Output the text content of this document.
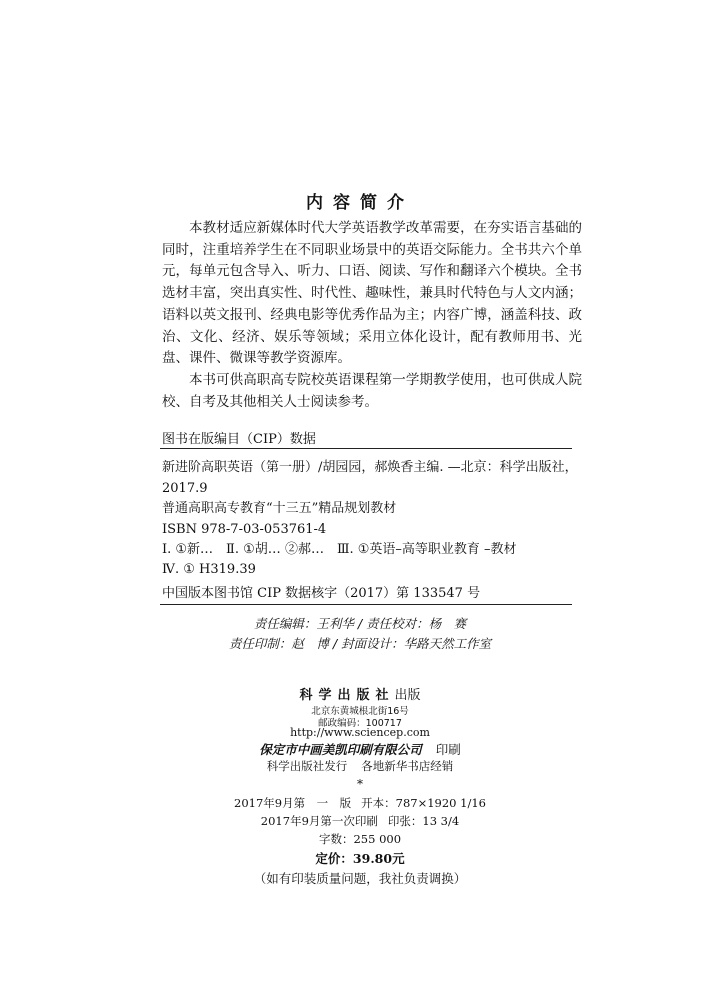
内容简介

本教材适应新媒体时代大学英语教学改革需要，在夯实语言基础的同时，注重培养学生在不同职业场景中的英语交际能力。全书共六个单元，每单元包含导入、听力、口语、阅读、写作和翻译六个模块。全书选材丰富，突出真实性、时代性、趣味性，兼具时代特色与人文内涵；语料以英文报刊、经典电影等优秀作品为主；内容广博，涵盖科技、政治、文化、经济、娱乐等领域；采用立体化设计，配有教师用书、光盘、课件、微课等教学资源库。

本书可供高职高专院校英语课程第一学期教学使用，也可供成人院校、自考及其他相关人士阅读参考。

图书在版编目（CIP）数据
新进阶高职英语（第一册）/胡园园，郝焕香主编. —北京：科学出版社，
2017.9
普通高职高专教育“十三五”精品规划教材
ISBN 978-7-03-053761-4
Ⅰ. ①新…　Ⅱ. ①胡… ②郝…　Ⅲ. ①英语–高等职业教育 –教材
Ⅳ. ① H319.39
中国版本图书馆 CIP 数据核字（2017）第 133547 号
责任编辑：王利华 / 责任校对：杨　赛
责任印制：赵　博 / 封面设计：华路天然工作室
科学出版社出版
北京东黄城根北街16号
邮政编码：100717
http://www.sciencep.com
保定市中画美凯印刷有限公司 印刷
科学出版社发行 各地新华书店经销
*
2017年9月第　一　版 开本：787×1920 1/16
2017年9月第一次印刷 印张：13 3/4
字数：255 000
定价：39.80元
（如有印装质量问题，我社负责调换）
